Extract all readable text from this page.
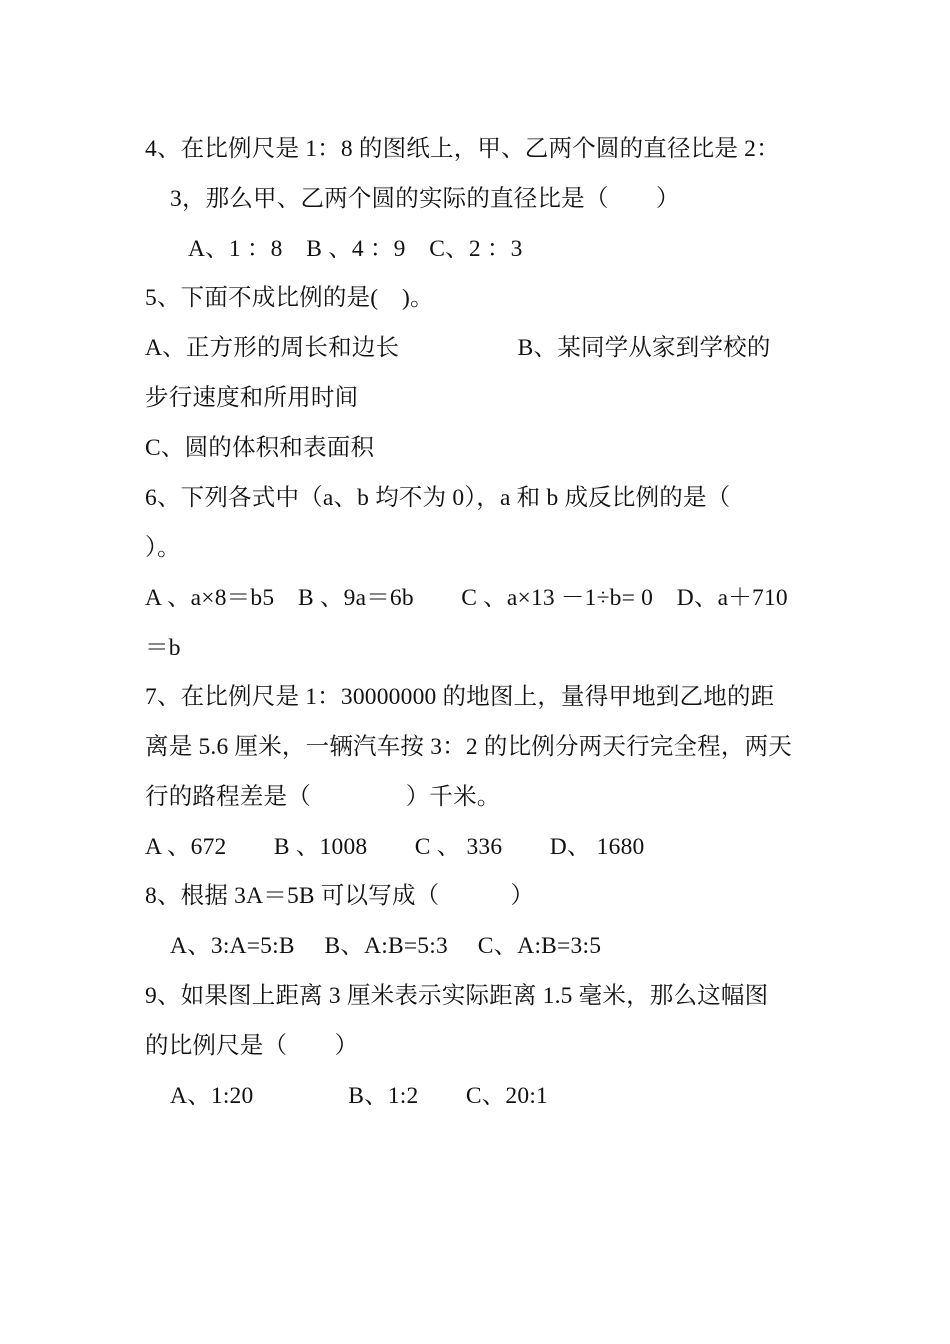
4、在比例尺是 1：8 的图纸上，甲、乙两个圆的直径比是 2：
3，那么甲、乙两个圆的实际的直径比是（　　）
A、1 ：8　B 、4 ：9　C、2 ：3
5、下面不成比例的是(　)。
A、正方形的周长和边长　　　　　B、某同学从家到学校的
步行速度和所用时间
C、圆的体积和表面积
6、下列各式中（a、b 均不为 0），a 和 b 成反比例的是（
）。
A 、a×8＝b5　B 、9a＝6b　　C 、a×13 －1÷b= 0　D、a＋710
＝b
7、在比例尺是 1：30000000 的地图上，量得甲地到乙地的距
离是 5.6 厘米，一辆汽车按 3：2 的比例分两天行完全程，两天
行的路程差是（　　　　）千米。
A 、672　　B 、1008　　C 、 336　　D、 1680
8、根据 3A＝5B 可以写成（　　　）
A、3:A=5:B　 B、A:B=5:3　 C、A:B=3:5
9、如果图上距离 3 厘米表示实际距离 1.5 毫米，那么这幅图
的比例尺是（　　）
A、1:20　　　　B、1:2　　C、20:1
